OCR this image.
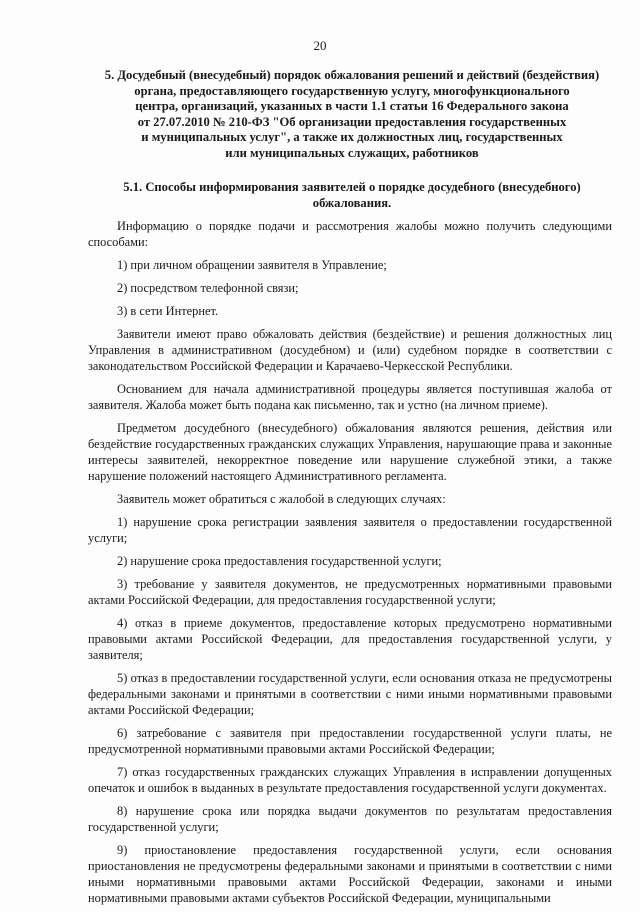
20
5. Досудебный (внесудебный) порядок обжалования решений и действий (бездействия)
органа, предоставляющего государственную услугу, многофункционального
центра, организаций, указанных в части 1.1 статьи 16 Федерального закона
от 27.07.2010 № 210-ФЗ "Об организации предоставления государственных
и муниципальных услуг", а также их должностных лиц, государственных
или муниципальных служащих, работников
5.1. Способы информирования заявителей о порядке досудебного (внесудебного)
обжалования.

Информацию о порядке подачи и рассмотрения жалобы можно получить следующими способами:

1) при личном обращении заявителя в Управление;

2) посредством телефонной связи;

3) в сети Интернет.

Заявители имеют право обжаловать действия (бездействие) и решения должностных лиц Управления в административном (досудебном) и (или) судебном порядке в соответствии с законодательством Российской Федерации и Карачаево-Черкесской Республики.

Основанием для начала административной процедуры является поступившая жалоба от заявителя. Жалоба может быть подана как письменно, так и устно (на личном приеме).

Предметом досудебного (внесудебного) обжалования являются решения, действия или бездействие государственных гражданских служащих Управления, нарушающие права и законные интересы заявителей, некорректное поведение или нарушение служебной этики, а также нарушение положений настоящего Административного регламента.

Заявитель может обратиться с жалобой в следующих случаях:

1) нарушение срока регистрации заявления заявителя о предоставлении государственной услуги;

2) нарушение срока предоставления государственной услуги;

3) требование у заявителя документов, не предусмотренных нормативными правовыми актами Российской Федерации, для предоставления государственной услуги;

4) отказ в приеме документов, предоставление которых предусмотрено нормативными правовыми актами Российской Федерации, для предоставления государственной услуги, у заявителя;

5) отказ в предоставлении государственной услуги, если основания отказа не предусмотрены федеральными законами и принятыми в соответствии с ними иными нормативными правовыми актами Российской Федерации;

6) затребование с заявителя при предоставлении государственной услуги платы, не предусмотренной нормативными правовыми актами Российской Федерации;

7) отказ государственных гражданских служащих Управления в исправлении допущенных опечаток и ошибок в выданных в результате предоставления государственной услуги документах.

8) нарушение срока или порядка выдачи документов по результатам предоставления государственной услуги;

9) приостановление предоставления государственной услуги, если основания приостановления не предусмотрены федеральными законами и принятыми в соответствии с ними иными нормативными правовыми актами Российской Федерации, законами и иными нормативными правовыми актами субъектов Российской Федерации, муниципальными
